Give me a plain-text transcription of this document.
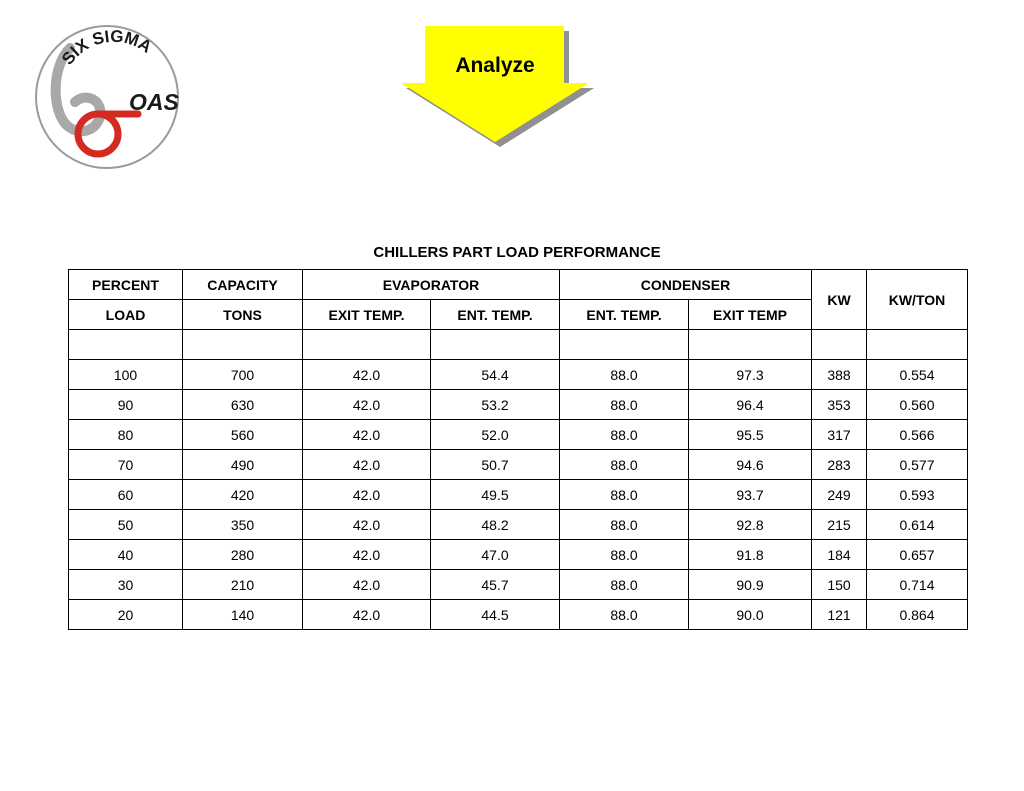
SIX SIGMA
OAS
Analyze
CHILLERS PART LOAD PERFORMANCE
PERCENT	CAPACITY	EVAPORATOR		CONDENSER		KW	KW/TON
LOAD	TONS	EXIT TEMP.	ENT. TEMP.	ENT. TEMP.	EXIT TEMP		

100	700	42.0	54.4	88.0	97.3	388	0.554
90	630	42.0	53.2	88.0	96.4	353	0.560
80	560	42.0	52.0	88.0	95.5	317	0.566
70	490	42.0	50.7	88.0	94.6	283	0.577
60	420	42.0	49.5	88.0	93.7	249	0.593
50	350	42.0	48.2	88.0	92.8	215	0.614
40	280	42.0	47.0	88.0	91.8	184	0.657
30	210	42.0	45.7	88.0	90.9	150	0.714
20	140	42.0	44.5	88.0	90.0	121	0.864
